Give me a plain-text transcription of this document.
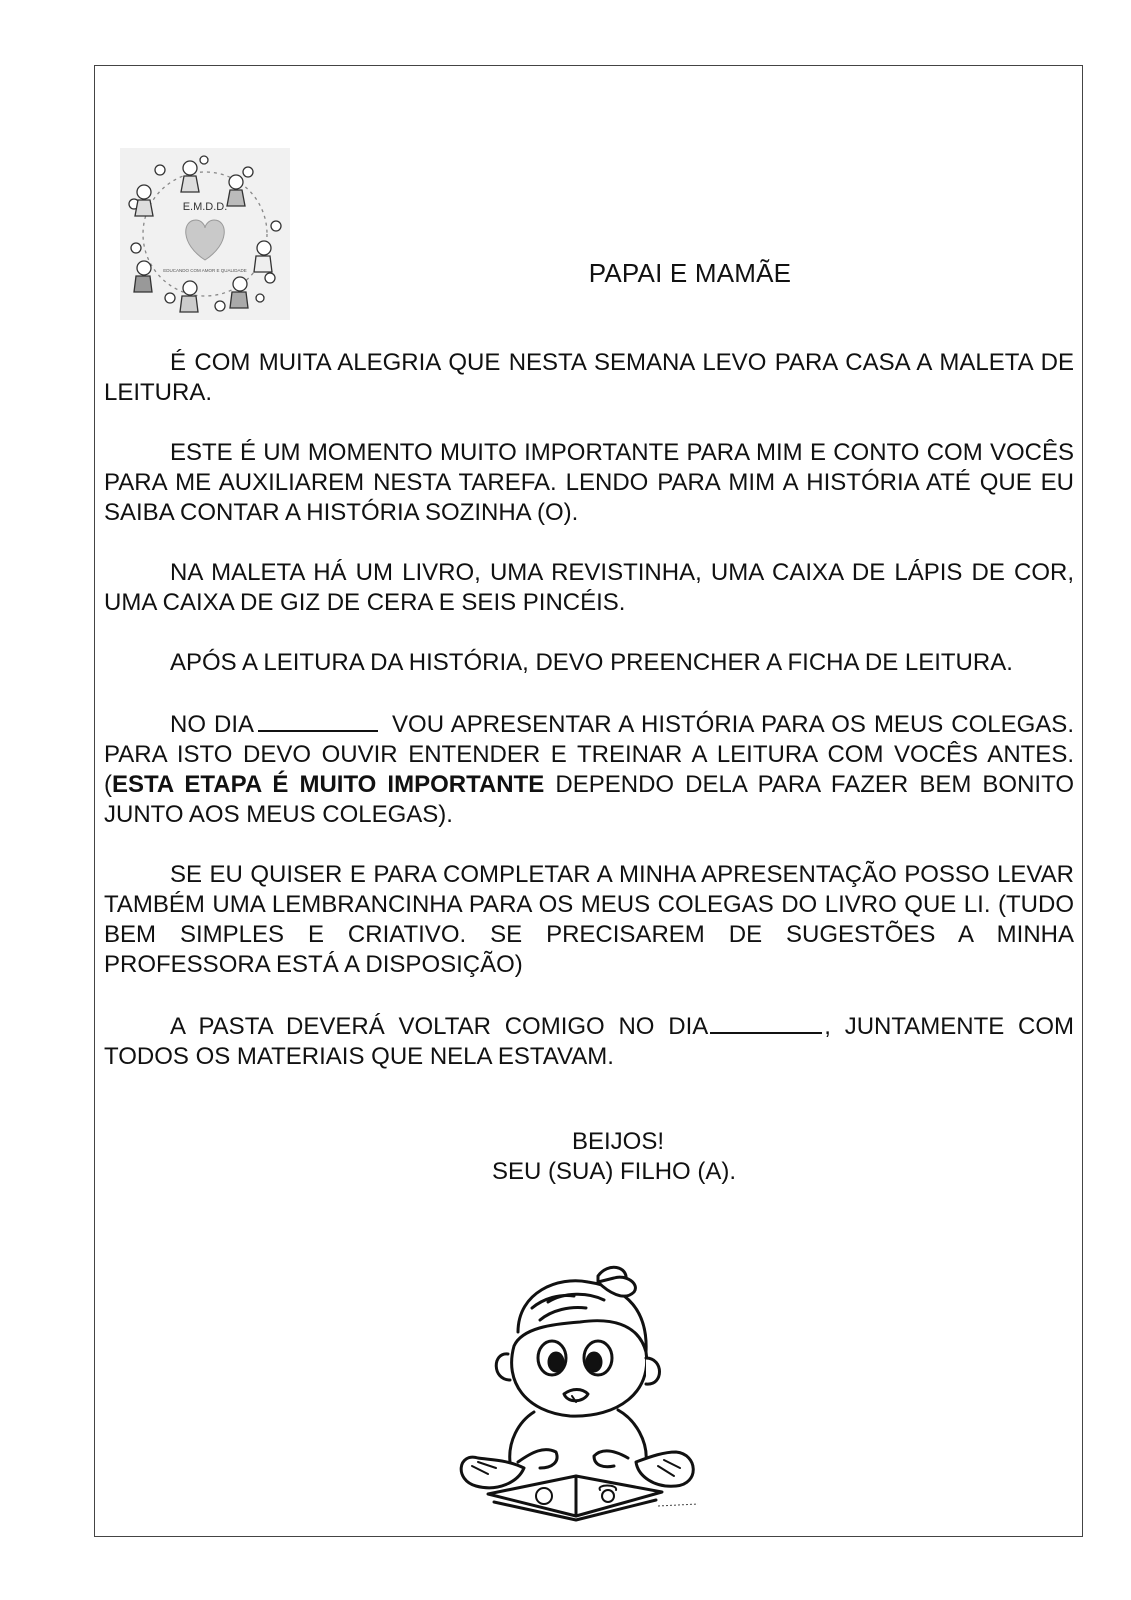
E.M.D.D.
EDUCANDO COM AMOR E QUALIDADE	PAPAI E MAMÃE

É COM MUITA ALEGRIA QUE NESTA SEMANA LEVO PARA CASA A MALETA DE LEITURA.

ESTE É UM MOMENTO MUITO IMPORTANTE PARA MIM E CONTO COM VOCÊS PARA ME AUXILIAREM NESTA TAREFA. LENDO PARA MIM A HISTÓRIA ATÉ QUE EU SAIBA CONTAR A HISTÓRIA SOZINHA (O).

NA MALETA HÁ UM LIVRO, UMA REVISTINHA, UMA CAIXA DE LÁPIS DE COR, UMA CAIXA DE GIZ DE CERA E SEIS PINCÉIS.

APÓS A LEITURA DA HISTÓRIA, DEVO PREENCHER A FICHA DE LEITURA.

NO DIA	VOU APRESENTAR A HISTÓRIA PARA OS MEUS COLEGAS. PARA ISTO DEVO OUVIR ENTENDER E TREINAR A LEITURA COM VOCÊS ANTES. (ESTA ETAPA É MUITO IMPORTANTE DEPENDO DELA PARA FAZER BEM BONITO JUNTO AOS MEUS COLEGAS).

SE EU QUISER E PARA COMPLETAR A MINHA APRESENTAÇÃO POSSO LEVAR TAMBÉM UMA LEMBRANCINHA PARA OS MEUS COLEGAS DO LIVRO QUE LI. (TUDO BEM SIMPLES E CRIATIVO. SE PRECISAREM DE SUGESTÕES A MINHA PROFESSORA ESTÁ A DISPOSIÇÃO)

A PASTA DEVERÁ VOLTAR COMIGO NO DIA	, JUNTAMENTE COM TODOS OS MATERIAIS QUE NELA ESTAVAM.

BEIJOS!
SEU (SUA) FILHO (A).
